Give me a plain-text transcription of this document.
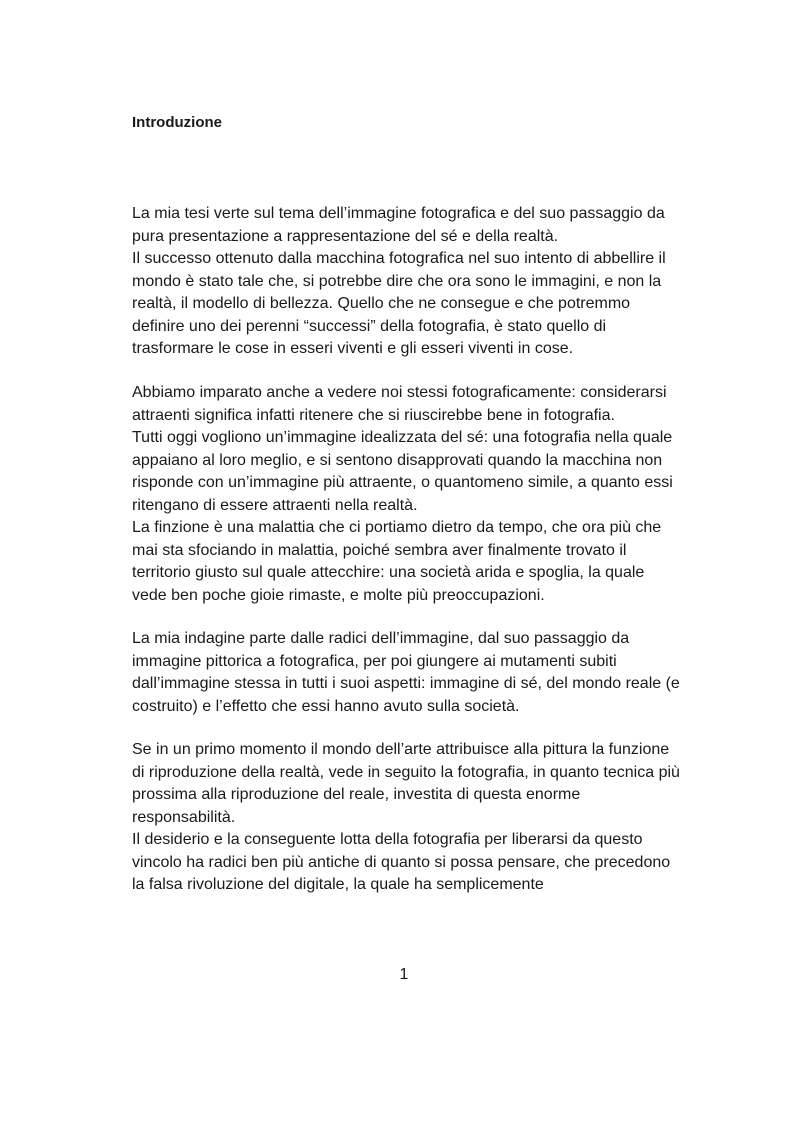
Introduzione

La mia tesi verte sul tema dell’immagine fotografica e del suo passaggio da
pura presentazione a rappresentazione del sé e della realtà.
Il successo ottenuto dalla macchina fotografica nel suo intento di abbellire il
mondo è stato tale che, si potrebbe dire che ora sono le immagini, e non la
realtà, il modello di bellezza. Quello che ne consegue e che potremmo
definire uno dei perenni “successi” della fotografia, è stato quello di
trasformare le cose in esseri viventi e gli esseri viventi in cose.

Abbiamo imparato anche a vedere noi stessi fotograficamente: considerarsi
attraenti significa infatti ritenere che si riuscirebbe bene in fotografia.
Tutti oggi vogliono un’immagine idealizzata del sé: una fotografia nella quale
appaiano al loro meglio, e si sentono disapprovati quando la macchina non
risponde con un’immagine più attraente, o quantomeno simile, a quanto essi
ritengano di essere attraenti nella realtà.
La finzione è una malattia che ci portiamo dietro da tempo, che ora più che
mai sta sfociando in malattia, poiché sembra aver finalmente trovato il
territorio giusto sul quale attecchire: una società arida e spoglia, la quale
vede ben poche gioie rimaste, e molte più preoccupazioni.

La mia indagine parte dalle radici dell’immagine, dal suo passaggio da
immagine pittorica a fotografica, per poi giungere ai mutamenti subiti
dall’immagine stessa in tutti i suoi aspetti: immagine di sé, del mondo reale (e
costruito) e l’effetto che essi hanno avuto sulla società.

Se in un primo momento il mondo dell’arte attribuisce alla pittura la funzione
di riproduzione della realtà, vede in seguito la fotografia, in quanto tecnica più
prossima alla riproduzione del reale, investita di questa enorme
responsabilità.
Il desiderio e la conseguente lotta della fotografia per liberarsi da questo
vincolo ha radici ben più antiche di quanto si possa pensare, che precedono
la falsa rivoluzione del digitale, la quale ha semplicemente

1
